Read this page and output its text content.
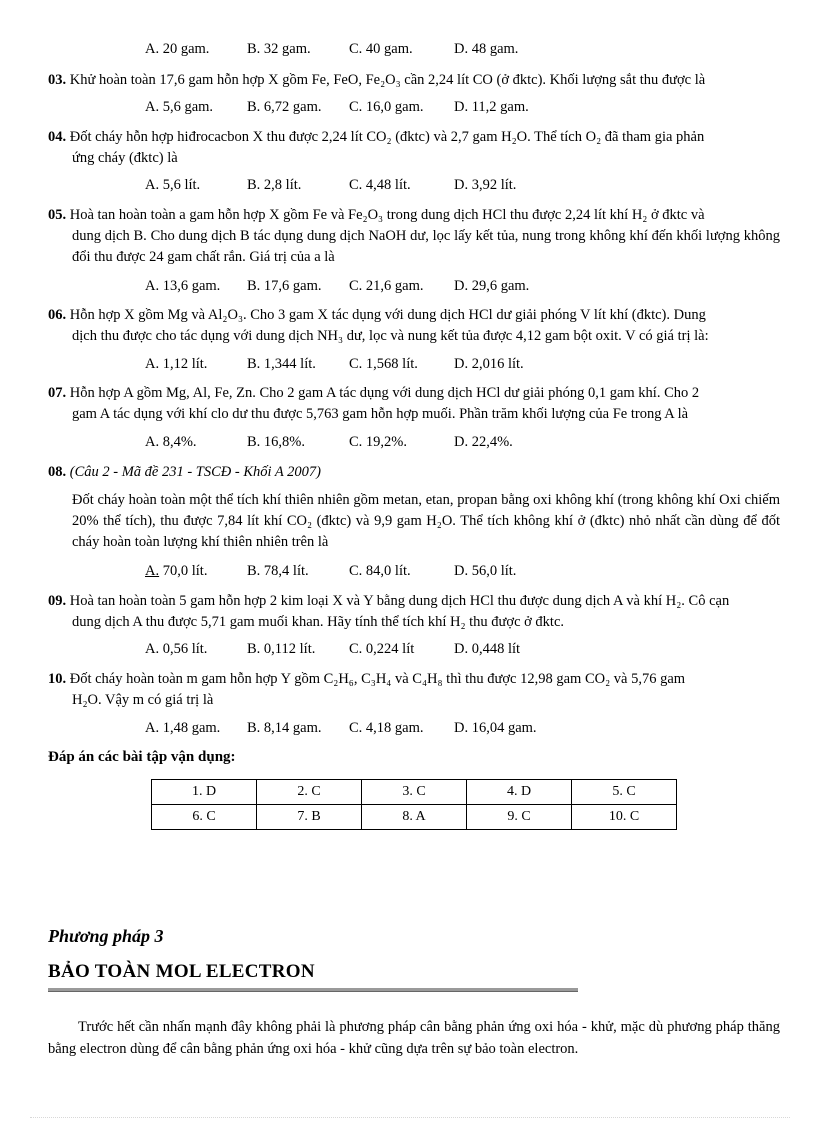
A. 20 gam.	B. 32 gam.	C. 40 gam.	D. 48 gam.
03. Khử hoàn toàn 17,6 gam hỗn hợp X gồm Fe, FeO, Fe₂O₃ cần 2,24 lít CO (ở đktc). Khối lượng sắt thu được là
A. 5,6 gam. B. 6,72 gam. C. 16,0 gam. D. 11,2 gam.
04. Đốt cháy hỗn hợp hiđrocacbon X thu được 2,24 lít CO₂ (đktc) và 2,7 gam H₂O. Thể tích O₂ đã tham gia phản
ứng cháy (đktc) là
A. 5,6 lít.	B. 2,8 lít.	C. 4,48 lít.	D. 3,92 lít.
05. Hoà tan hoàn toàn a gam hỗn hợp X gồm Fe và Fe₂O₃ trong dung dịch HCl thu được 2,24 lít khí H₂ ở đktc và
dung dịch B. Cho dung dịch B tác dụng dung dịch NaOH dư, lọc lấy kết tủa, nung trong không khí đến khối lượng không đổi thu được 24 gam chất rắn. Giá trị của a là
A. 13,6 gam. B. 17,6 gam. C. 21,6 gam. D. 29,6 gam.
06. Hỗn hợp X gồm Mg và Al₂O₃. Cho 3 gam X tác dụng với dung dịch HCl dư giải phóng V lít khí (đktc). Dung
dịch thu được cho tác dụng với dung dịch NH₃ dư, lọc và nung kết tủa được 4,12 gam bột oxit. V có giá trị là:
A. 1,12 lít.	B. 1,344 lít. C. 1,568 lít. D. 2,016 lít.
07. Hỗn hợp A gồm Mg, Al, Fe, Zn. Cho 2 gam A tác dụng với dung dịch HCl dư giải phóng 0,1 gam khí. Cho 2
gam A tác dụng với khí clo dư thu được 5,763 gam hỗn hợp muối. Phần trăm khối lượng của Fe trong A là
A. 8,4%.	B. 16,8%.	C. 19,2%.	D. 22,4%.
08. (Câu 2 - Mã đề 231 - TSCĐ - Khối A 2007)
Đốt cháy hoàn toàn một thể tích khí thiên nhiên gồm metan, etan, propan bằng oxi không khí (trong không khí Oxi chiếm 20% thể tích), thu được 7,84 lít khí CO₂ (đktc) và 9,9 gam H₂O. Thể tích không khí ở (đktc) nhỏ nhất cần dùng để đốt cháy hoàn toàn lượng khí thiên nhiên trên là
A. 70,0 lít.	B. 78,4 lít.	C. 84,0 lít.	D. 56,0 lít.
09. Hoà tan hoàn toàn 5 gam hỗn hợp 2 kim loại X và Y bằng dung dịch HCl thu được dung dịch A và khí H₂. Cô cạn
dung dịch A thu được 5,71 gam muối khan. Hãy tính thể tích khí H₂ thu được ở đktc.
A. 0,56 lít.	B. 0,112 lít. C. 0,224 lít	D. 0,448 lít
10. Đốt cháy hoàn toàn m gam hỗn hợp Y gồm C₂H₆, C₃H₄ và C₄H₈ thì thu được 12,98 gam CO₂ và 5,76 gam
H₂O. Vậy m có giá trị là
A. 1,48 gam. B. 8,14 gam. C. 4,18 gam. D. 16,04 gam.
Đáp án các bài tập vận dụng:
1. D	2. C	3. C	4. D	5. C
6. C	7. B	8. A	9. C	10. C
Phương pháp 3
BẢO TOÀN MOL ELECTRON
Trước hết cần nhấn mạnh đây không phải là phương pháp cân bằng phản ứng oxi hóa - khử, mặc dù phương pháp thăng bằng electron dùng để cân bằng phản ứng oxi hóa - khử cũng dựa trên sự bảo toàn electron.
